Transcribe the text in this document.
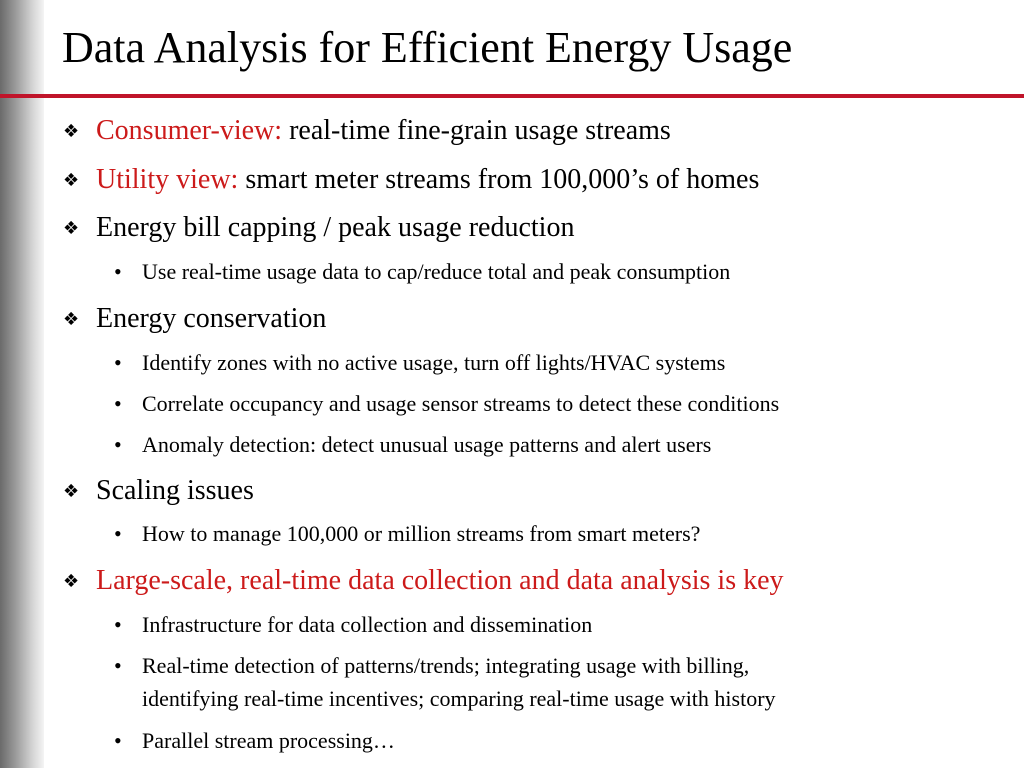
Data Analysis for Efficient Energy Usage
❖ Consumer-view: real-time fine-grain usage streams
❖ Utility view: smart meter streams from 100,000’s of homes
❖ Energy bill capping / peak usage reduction
• Use real-time usage data to cap/reduce total and peak consumption
❖ Energy conservation
• Identify zones with no active usage, turn off lights/HVAC systems
• Correlate occupancy and usage sensor streams to detect these conditions
• Anomaly detection: detect unusual usage patterns and alert users
❖ Scaling issues
• How to manage 100,000 or million streams from smart meters?
❖ Large-scale, real-time data collection and data analysis is key
• Infrastructure for data collection and dissemination
• Real-time detection of patterns/trends; integrating usage with billing,
identifying real-time incentives; comparing real-time usage with history
• Parallel stream processing…
